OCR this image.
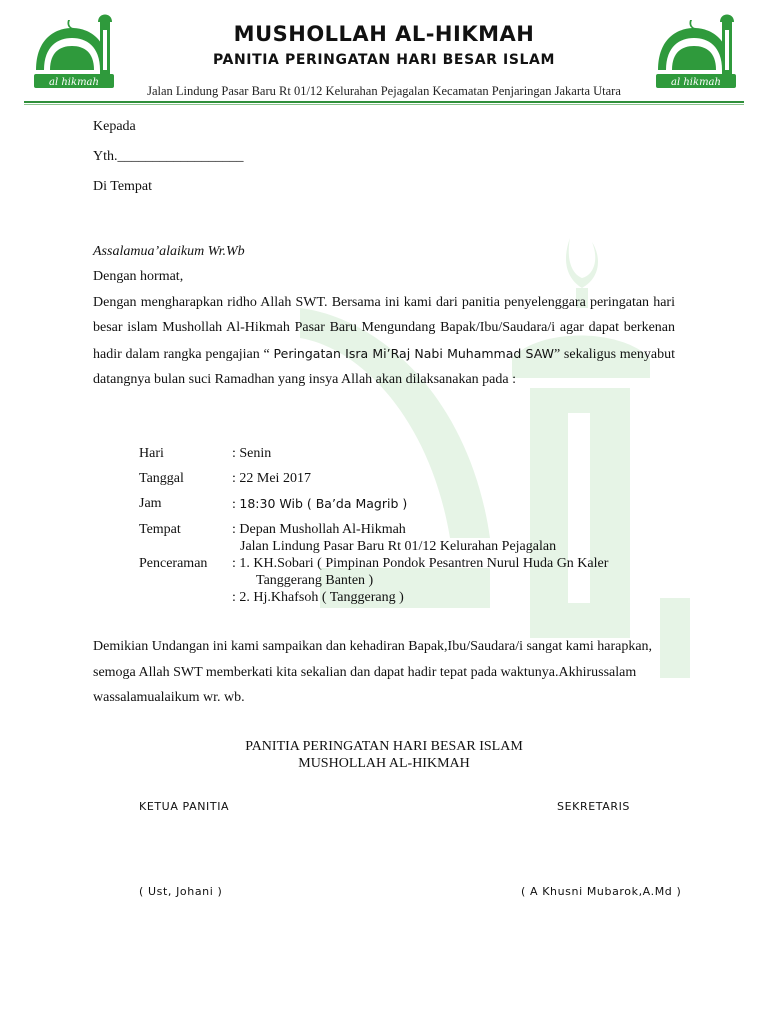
al hikmah	al hikmah
MUSHOLLAH AL-HIKMAH
PANITIA PERINGATAN HARI BESAR ISLAM
Jalan Lindung Pasar Baru Rt 01/12 Kelurahan Pejagalan Kecamatan Penjaringan Jakarta Utara
Kepada
Yth.__________________
Di Tempat
Assalamua’alaikum Wr.Wb
Dengan hormat,
Dengan mengharapkan ridho Allah SWT. Bersama ini kami dari panitia penyelenggara peringatan hari besar islam Mushollah Al-Hikmah Pasar Baru Mengundang Bapak/Ibu/Saudara/i agar dapat berkenan hadir dalam rangka pengajian “ Peringatan Isra Mi’Raj Nabi Muhammad SAW” sekaligus menyabut datangnya bulan suci Ramadhan yang insya Allah akan dilaksanakan pada :
Hari	: Senin
Tanggal	: 22 Mei 2017
Jam	: 18:30 Wib ( Ba’da Magrib )
Tempat	: Depan Mushollah Al-Hikmah
Jalan Lindung Pasar Baru Rt 01/12 Kelurahan Pejagalan
Penceraman : 1. KH.Sobari ( Pimpinan Pondok Pesantren Nurul Huda Gn Kaler
Tanggerang Banten )
: 2. Hj.Khafsoh ( Tanggerang )
Demikian Undangan ini kami sampaikan dan kehadiran Bapak,Ibu/Saudara/i sangat kami harapkan, semoga Allah SWT memberkati kita sekalian dan dapat hadir tepat pada waktunya.Akhirussalam wassalamualaikum wr. wb.
PANITIA PERINGATAN HARI BESAR ISLAM
MUSHOLLAH AL-HIKMAH
KETUA PANITIA	SEKRETARIS
( Ust, Johani )	( A Khusni Mubarok,A.Md )
